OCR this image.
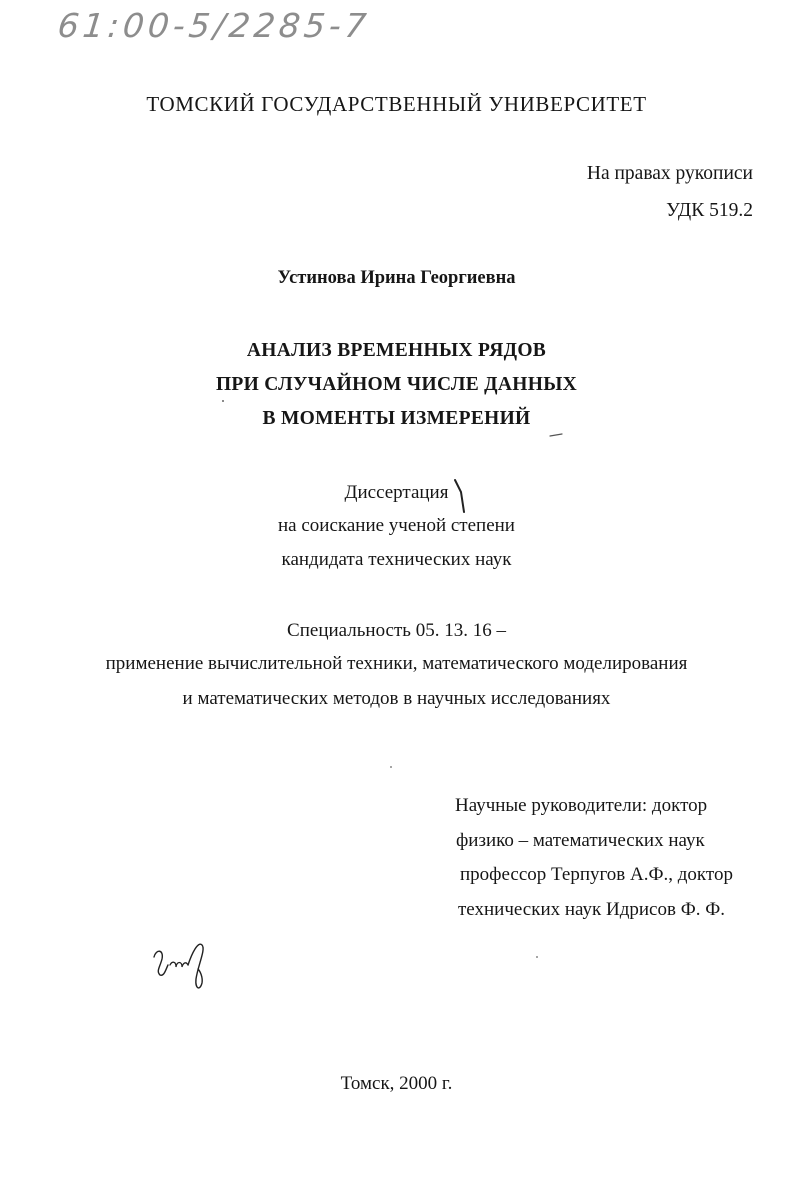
61:00-5/2285-7
ТОМСКИЙ ГОСУДАРСТВЕННЫЙ УНИВЕРСИТЕТ
На правах рукописи
УДК 519.2
Устинова Ирина Георгиевна
АНАЛИЗ ВРЕМЕННЫХ РЯДОВ
ПРИ СЛУЧАЙНОМ ЧИСЛЕ ДАННЫХ
В МОМЕНТЫ ИЗМЕРЕНИЙ
Диссертация
на соискание ученой степени
кандидата технических наук
Специальность 05. 13. 16 –
применение вычислительной техники, математического моделирования
и математических методов в научных исследованиях
Научные руководители: доктор
физико – математических наук
профессор Терпугов А.Ф., доктор
технических наук Идрисов Ф. Ф.
Томск, 2000 г.
